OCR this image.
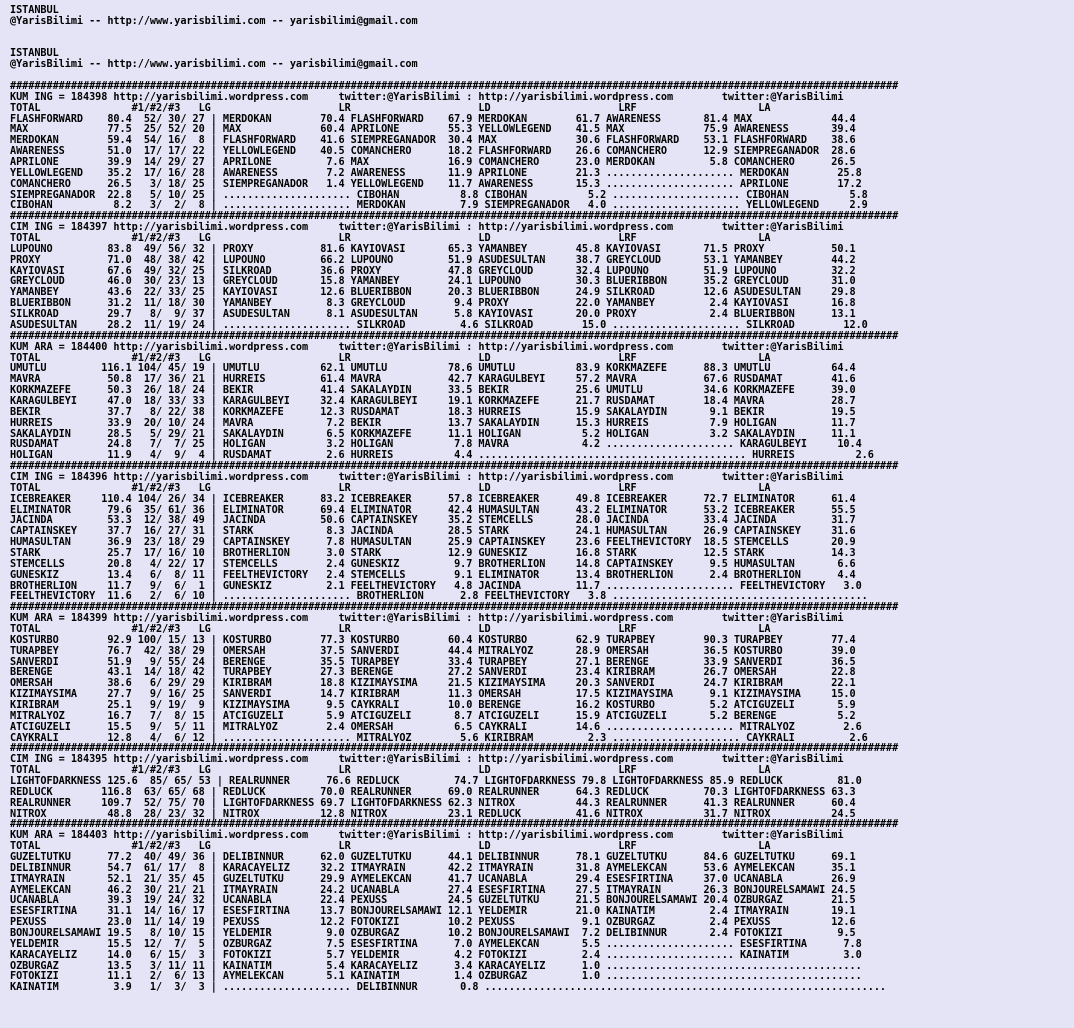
ISTANBUL
@YarisBilimi -- http://www.yarisbilimi.com -- yarisbilimi@gmail.com
ISTANBUL
@YarisBilimi -- http://www.yarisbilimi.com -- yarisbilimi@gmail.com
##################################################################################################################################################
KUM ING = 184398 http://yarisbilimi.wordpress.com     twitter:@YarisBilimi : http://yarisbilimi.wordpress.com        twitter:@YarisBilimi
TOTAL               #1/#2/#3   LG                     LR                     LD                     LRF                    LA
FLASHFORWARD    80.4  52/ 30/ 27 | MERDOKAN        70.4 FLASHFORWARD    67.9 MERDOKAN        61.7 AWARENESS       81.4 MAX             44.4
MAX             77.5  25/ 52/ 20 | MAX             60.4 APRILONE        55.3 YELLOWLEGEND    41.5 MAX             75.9 AWARENESS       39.4
MERDOKAN        59.4  54/ 16/  8 | FLASHFORWARD    41.6 SIEMPREGANADOR  30.4 MAX             30.6 FLASHFORWARD    53.1 FLASHFORWARD    38.6
AWARENESS       51.0  17/ 17/ 22 | YELLOWLEGEND    40.5 COMANCHERO      18.2 FLASHFORWARD    26.6 COMANCHERO      12.9 SIEMPREGANADOR  28.6
APRILONE        39.9  14/ 29/ 27 | APRILONE         7.6 MAX             16.9 COMANCHERO      23.0 MERDOKAN         5.8 COMANCHERO      26.5
YELLOWLEGEND    35.2  17/ 16/ 28 | AWARENESS        7.2 AWARENESS       11.9 APRILONE        21.3 ..................... MERDOKAN        25.8
COMANCHERO      26.5   3/ 18/ 25 | SIEMPREGANADOR   1.4 YELLOWLEGEND    11.7 AWARENESS       15.3 ..................... APRILONE        17.2
SIEMPREGANADOR  22.8   5/ 10/ 25 | ..................... CIBOHAN          8.8 CIBOHAN          5.2 ..................... CIBOHAN          5.8
CIBOHAN          8.2   3/  2/  8 | ..................... MERDOKAN         7.9 SIEMPREGANADOR   4.0 ..................... YELLOWLEGEND     2.9
##################################################################################################################################################
CIM ING = 184397 http://yarisbilimi.wordpress.com     twitter:@YarisBilimi : http://yarisbilimi.wordpress.com        twitter:@YarisBilimi
TOTAL               #1/#2/#3   LG                     LR                     LD                     LRF                    LA
LUPOUNO         83.8  49/ 56/ 32 | PROXY           81.6 KAYIOVASI       65.3 YAMANBEY        45.8 KAYIOVASI       71.5 PROXY           50.1
PROXY           71.0  48/ 38/ 42 | LUPOUNO         66.2 LUPOUNO         51.9 ASUDESULTAN     38.7 GREYCLOUD       53.1 YAMANBEY        44.2
KAYIOVASI       67.6  49/ 32/ 25 | SILKROAD        36.6 PROXY           47.8 GREYCLOUD       32.4 LUPOUNO         51.9 LUPOUNO         32.2
GREYCLOUD       46.0  30/ 23/ 13 | GREYCLOUD       15.8 YAMANBEY        24.1 LUPOUNO         30.3 BLUERIBBON      35.2 GREYCLOUD       31.0
YAMANBEY        43.6  22/ 33/ 25 | KAYIOVASI       12.6 BLUERIBBON      20.3 BLUERIBBON      24.9 SILKROAD        12.6 ASUDESULTAN     29.8
BLUERIBBON      31.2  11/ 18/ 30 | YAMANBEY         8.3 GREYCLOUD        9.4 PROXY           22.0 YAMANBEY         2.4 KAYIOVASI       16.8
SILKROAD        29.7   8/  9/ 37 | ASUDESULTAN      8.1 ASUDESULTAN      5.8 KAYIOVASI       20.0 PROXY            2.4 BLUERIBBON      13.1
ASUDESULTAN     28.2  11/ 19/ 24 | ..................... SILKROAD         4.6 SILKROAD        15.0 ..................... SILKROAD        12.0
##################################################################################################################################################
KUM ARA = 184400 http://yarisbilimi.wordpress.com     twitter:@YarisBilimi : http://yarisbilimi.wordpress.com        twitter:@YarisBilimi
TOTAL               #1/#2/#3   LG                     LR                     LD                     LRF                    LA
UMUTLU         116.1 104/ 45/ 19 | UMUTLU          62.1 UMUTLU          78.6 UMUTLU          83.9 KORKMAZEFE      88.3 UMUTLU          64.4
MAVRA           50.8  17/ 36/ 21 | HURREIS         61.4 MAVRA           42.7 KARAGULBEYI     57.2 MAVRA           67.6 RUSDAMAT        41.6
KORKMAZEFE      50.3  26/ 18/ 24 | BEKIR           41.4 SAKALAYDIN      33.5 BEKIR           25.6 UMUTLU          34.6 KORKMAZEFE      39.0
KARAGULBEYI     47.0  18/ 33/ 33 | KARAGULBEYI     32.4 KARAGULBEYI     19.1 KORKMAZEFE      21.7 RUSDAMAT        18.4 MAVRA           28.7
BEKIR           37.7   8/ 22/ 38 | KORKMAZEFE      12.3 RUSDAMAT        18.3 HURREIS         15.9 SAKALAYDIN       9.1 BEKIR           19.5
HURREIS         33.9  20/ 10/ 24 | MAVRA            7.2 BEKIR           13.7 SAKALAYDIN      15.3 HURREIS          7.9 HOLIGAN         11.7
SAKALAYDIN      28.5   5/ 29/ 21 | SAKALAYDIN       6.5 KORKMAZEFE      11.1 HOLIGAN          5.2 HOLIGAN          3.2 SAKALAYDIN      11.1
RUSDAMAT        24.8   7/  7/ 25 | HOLIGAN          3.2 HOLIGAN          7.8 MAVRA            4.2 ..................... KARAGULBEYI     10.4
HOLIGAN         11.9   4/  9/  4 | RUSDAMAT         2.6 HURREIS          4.4 ............................................ HURREIS          2.6
##################################################################################################################################################
CIM ING = 184396 http://yarisbilimi.wordpress.com     twitter:@YarisBilimi : http://yarisbilimi.wordpress.com        twitter:@YarisBilimi
TOTAL               #1/#2/#3   LG                     LR                     LD                     LRF                    LA
ICEBREAKER     110.4 104/ 26/ 34 | ICEBREAKER      83.2 ICEBREAKER      57.8 ICEBREAKER      49.8 ICEBREAKER      72.7 ELIMINATOR      61.4
ELIMINATOR      79.6  35/ 61/ 36 | ELIMINATOR      69.4 ELIMINATOR      42.4 HUMASULTAN      43.2 ELIMINATOR      53.2 ICEBREAKER      55.5
JACINDA         53.3  12/ 38/ 49 | JACINDA         50.6 CAPTAINSKEY     35.2 STEMCELLS       28.0 JACINDA         33.4 JACINDA         31.7
CAPTAINSKEY     37.7  16/ 27/ 31 | STARK            8.3 JACINDA         28.5 STARK           24.1 HUMASULTAN      26.9 CAPTAINSKEY     31.6
HUMASULTAN      36.9  23/ 18/ 29 | CAPTAINSKEY      7.8 HUMASULTAN      25.9 CAPTAINSKEY     23.6 FEELTHEVICTORY  18.5 STEMCELLS       20.9
STARK           25.7  17/ 16/ 10 | BROTHERLION      3.0 STARK           12.9 GUNESKIZ        16.8 STARK           12.5 STARK           14.3
STEMCELLS       20.8   4/ 22/ 17 | STEMCELLS        2.4 GUNESKIZ         9.7 BROTHERLION     14.8 CAPTAINSKEY      9.5 HUMASULTAN       6.6
GUNESKIZ        13.4   6/  8/ 11 | FEELTHEVICTORY   2.4 STEMCELLS        9.1 ELIMINATOR      13.4 BROTHERLION      2.4 BROTHERLION      4.4
BROTHERLION     11.7   9/  6/  1 | GUNESKIZ         2.1 FEELTHEVICTORY   4.8 JACINDA         11.7 ..................... FEELTHEVICTORY   3.0
FEELTHEVICTORY  11.6   2/  6/ 10 | ..................... BROTHERLION      2.8 FEELTHEVICTORY   3.8 ..........................................
##################################################################################################################################################
KUM ARA = 184399 http://yarisbilimi.wordpress.com     twitter:@YarisBilimi : http://yarisbilimi.wordpress.com        twitter:@YarisBilimi
TOTAL               #1/#2/#3   LG                     LR                     LD                     LRF                    LA
KOSTURBO        92.9 100/ 15/ 13 | KOSTURBO        77.3 KOSTURBO        60.4 KOSTURBO        62.9 TURAPBEY        90.3 TURAPBEY        77.4
TURAPBEY        76.7  42/ 38/ 29 | OMERSAH         37.5 SANVERDI        44.4 MITRALYOZ       28.9 OMERSAH         36.5 KOSTURBO        39.0
SANVERDI        51.9   9/ 55/ 24 | BERENGE         35.5 TURAPBEY        33.4 TURAPBEY        27.1 BERENGE         33.9 SANVERDI        36.5
BERENGE         43.1  14/ 18/ 42 | TURAPBEY        27.3 BERENGE         27.2 SANVERDI        23.4 KIRIBRAM        26.7 OMERSAH         22.8
OMERSAH         38.6   6/ 29/ 29 | KIRIBRAM        18.8 KIZIMAYSIMA     21.5 KIZIMAYSIMA     20.3 SANVERDI        24.7 KIRIBRAM        22.1
KIZIMAYSIMA     27.7   9/ 16/ 25 | SANVERDI        14.7 KIRIBRAM        11.3 OMERSAH         17.5 KIZIMAYSIMA      9.1 KIZIMAYSIMA     15.0
KIRIBRAM        25.1   9/ 19/  9 | KIZIMAYSIMA      9.5 CAYKRALI        10.0 BERENGE         16.2 KOSTURBO         5.2 ATCIGUZELI       5.9
MITRALYOZ       16.7   7/  8/ 15 | ATCIGUZELI       5.9 ATCIGUZELI       8.7 ATCIGUZELI      15.9 ATCIGUZELI       5.2 BERENGE          5.2
ATCIGUZELI      15.5   9/  5/ 11 | MITRALYOZ        2.4 OMERSAH          6.5 CAYKRALI        14.6 ..................... MITRALYOZ        2.6
CAYKRALI        12.8   4/  6/ 12 | ..................... MITRALYOZ        5.6 KIRIBRAM         2.3 ..................... CAYKRALI         2.6
##################################################################################################################################################
CIM ING = 184395 http://yarisbilimi.wordpress.com     twitter:@YarisBilimi : http://yarisbilimi.wordpress.com        twitter:@YarisBilimi
TOTAL               #1/#2/#3   LG                     LR                     LD                     LRF                    LA
LIGHTOFDARKNESS 125.6  85/ 65/ 53 | REALRUNNER      76.6 REDLUCK         74.7 LIGHTOFDARKNESS 79.8 LIGHTOFDARKNESS 85.9 REDLUCK         81.0
REDLUCK        116.8  63/ 65/ 68 | REDLUCK         70.0 REALRUNNER      69.0 REALRUNNER      64.3 REDLUCK         70.3 LIGHTOFDARKNESS 63.3
REALRUNNER     109.7  52/ 75/ 70 | LIGHTOFDARKNESS 69.7 LIGHTOFDARKNESS 62.3 NITROX          44.3 REALRUNNER      41.3 REALRUNNER      60.4
NITROX          48.8  28/ 23/ 32 | NITROX          12.8 NITROX          23.1 REDLUCK         41.6 NITROX          31.7 NITROX          24.5
##################################################################################################################################################
KUM ARA = 184403 http://yarisbilimi.wordpress.com     twitter:@YarisBilimi : http://yarisbilimi.wordpress.com        twitter:@YarisBilimi
TOTAL               #1/#2/#3   LG                     LR                     LD                     LRF                    LA
GUZELTUTKU      77.2  40/ 49/ 36 | DELIBINNUR      62.0 GUZELTUTKU      44.1 DELIBINNUR      78.1 GUZELTUTKU      84.6 GUZELTUTKU      69.1
DELIBINNUR      54.7  61/ 17/  8 | KARACAYELIZ     32.2 ITMAYRAIN       42.2 ITMAYRAIN       31.8 AYMELEKCAN      53.6 AYMELEKCAN      35.1
ITMAYRAIN       52.1  21/ 35/ 45 | GUZELTUTKU      29.9 AYMELEKCAN      41.7 UCANABLA        29.4 ESESFIRTINA     37.0 UCANABLA        26.9
AYMELEKCAN      46.2  30/ 21/ 21 | ITMAYRAIN       24.2 UCANABLA        27.4 ESESFIRTINA     27.5 ITMAYRAIN       26.3 BONJOURELSAMAWI 24.5
UCANABLA        39.3  19/ 24/ 32 | UCANABLA        22.4 PEXUSS          24.5 GUZELTUTKU      21.5 BONJOURELSAMAWI 20.4 OZBURGAZ        21.5
ESESFIRTINA     31.1  14/ 16/ 17 | ESESFIRTINA     13.7 BONJOURELSAMAWI 12.1 YELDEMIR        21.0 KAINATIM         2.4 ITMAYRAIN       19.1
PEXUSS          23.0  11/ 14/ 19 | PEXUSS          12.2 FOTOKIZI        10.2 PEXUSS           9.1 OZBURGAZ         2.4 PEXUSS          12.6
BONJOURELSAMAWI 19.5   8/ 10/ 15 | YELDEMIR         9.0 OZBURGAZ        10.2 BONJOURELSAMAWI  7.2 DELIBINNUR       2.4 FOTOKIZI         9.5
YELDEMIR        15.5  12/  7/  5 | OZBURGAZ         7.5 ESESFIRTINA      7.0 AYMELEKCAN       5.5 ..................... ESESFIRTINA      7.8
KARACAYELIZ     14.0   6/ 15/  3 | FOTOKIZI         5.7 YELDEMIR         4.2 FOTOKIZI         2.4 ..................... KAINATIM         3.0
OZBURGAZ        13.5   3/ 11/ 11 | KAINATIM         5.4 KARACAYELIZ      3.4 KARACAYELIZ      1.0 ..........................................
FOTOKIZI        11.1   2/  6/ 13 | AYMELEKCAN       5.1 KAINATIM         1.4 OZBURGAZ         1.0 ..........................................
KAINATIM         3.9   1/  3/  3 | ..................... DELIBINNUR       0.8 ..................................................................
